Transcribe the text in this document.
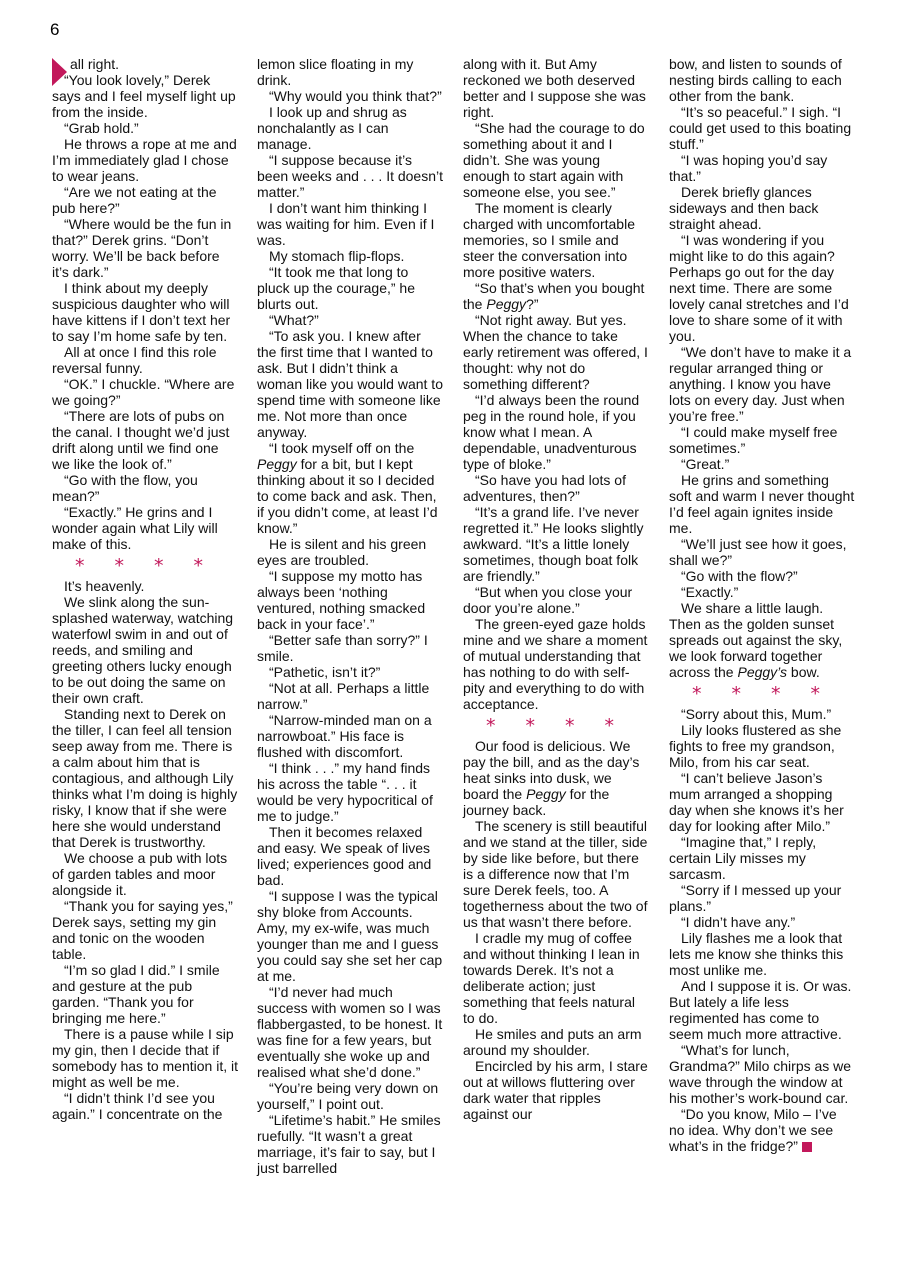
6

all right.

“You look lovely,” Derek says and I feel myself light up from the inside.

“Grab hold.”

He throws a rope at me and I’m immediately glad I chose to wear jeans.

“Are we not eating at the pub here?”

“Where would be the fun in that?” Derek grins. “Don’t worry. We’ll be back before it’s dark.”

I think about my deeply suspicious daughter who will have kittens if I don’t text her to say I’m home safe by ten.

All at once I find this role reversal funny.

“OK.” I chuckle. “Where are we going?”

“There are lots of pubs on the canal. I thought we’d just drift along until we find one we like the look of.”

“Go with the flow, you mean?”

“Exactly.” He grins and I wonder again what Lily will make of this.

* * * *

It’s heavenly.

We slink along the sun-splashed waterway, watching waterfowl swim in and out of reeds, and smiling and greeting others lucky enough to be out doing the same on their own craft.

Standing next to Derek on the tiller, I can feel all tension seep away from me. There is a calm about him that is contagious, and although Lily thinks what I’m doing is highly risky, I know that if she were here she would understand that Derek is trustworthy.

We choose a pub with lots of garden tables and moor alongside it.

“Thank you for saying yes,” Derek says, setting my gin and tonic on the wooden table.

“I’m so glad I did.” I smile and gesture at the pub garden. “Thank you for bringing me here.”

There is a pause while I sip my gin, then I decide that if somebody has to mention it, it might as well be me.

“I didn’t think I’d see you again.” I concentrate on the

lemon slice floating in my drink.

“Why would you think that?”

I look up and shrug as nonchalantly as I can manage.

“I suppose because it’s been weeks and . . . It doesn’t matter.”

I don’t want him thinking I was waiting for him. Even if I was.

My stomach flip-flops.

“It took me that long to pluck up the courage,” he blurts out.

“What?”

“To ask you. I knew after the first time that I wanted to ask. But I didn’t think a woman like you would want to spend time with someone like me. Not more than once anyway.

“I took myself off on the Peggy for a bit, but I kept thinking about it so I decided to come back and ask. Then, if you didn’t come, at least I’d know.”

He is silent and his green eyes are troubled.

“I suppose my motto has always been ‘nothing ventured, nothing smacked back in your face’.”

“Better safe than sorry?” I smile.

“Pathetic, isn’t it?”

“Not at all. Perhaps a little narrow.”

“Narrow-minded man on a narrowboat.” His face is flushed with discomfort.

“I think . . .” my hand finds his across the table “. . . it would be very hypocritical of me to judge.”

Then it becomes relaxed and easy. We speak of lives lived; experiences good and bad.

“I suppose I was the typical shy bloke from Accounts. Amy, my ex-wife, was much younger than me and I guess you could say she set her cap at me.

“I’d never had much success with women so I was flabbergasted, to be honest. It was fine for a few years, but eventually she woke up and realised what she’d done.”

“You’re being very down on yourself,” I point out.

“Lifetime’s habit.” He smiles ruefully. “It wasn’t a great marriage, it’s fair to say, but I just barrelled

along with it. But Amy reckoned we both deserved better and I suppose she was right.

“She had the courage to do something about it and I didn’t. She was young enough to start again with someone else, you see.”

The moment is clearly charged with uncomfortable memories, so I smile and steer the conversation into more positive waters.

“So that’s when you bought the Peggy?”

“Not right away. But yes. When the chance to take early retirement was offered, I thought: why not do something different?

“I’d always been the round peg in the round hole, if you know what I mean. A dependable, unadventurous type of bloke.”

“So have you had lots of adventures, then?”

“It’s a grand life. I’ve never regretted it.” He looks slightly awkward. “It’s a little lonely sometimes, though boat folk are friendly.”

“But when you close your door you’re alone.”

The green-eyed gaze holds mine and we share a moment of mutual understanding that has nothing to do with self-pity and everything to do with acceptance.

* * * *

Our food is delicious. We pay the bill, and as the day’s heat sinks into dusk, we board the Peggy for the journey back.

The scenery is still beautiful and we stand at the tiller, side by side like before, but there is a difference now that I’m sure Derek feels, too. A togetherness about the two of us that wasn’t there before.

I cradle my mug of coffee and without thinking I lean in towards Derek. It’s not a deliberate action; just something that feels natural to do.

He smiles and puts an arm around my shoulder.

Encircled by his arm, I stare out at willows fluttering over dark water that ripples against our

bow, and listen to sounds of nesting birds calling to each other from the bank.

“It’s so peaceful.” I sigh. “I could get used to this boating stuff.”

“I was hoping you’d say that.”

Derek briefly glances sideways and then back straight ahead.

“I was wondering if you might like to do this again? Perhaps go out for the day next time. There are some lovely canal stretches and I’d love to share some of it with you.

“We don’t have to make it a regular arranged thing or anything. I know you have lots on every day. Just when you’re free.”

“I could make myself free sometimes.”

“Great.”

He grins and something soft and warm I never thought I’d feel again ignites inside me.

“We’ll just see how it goes, shall we?”

“Go with the flow?”

“Exactly.”

We share a little laugh. Then as the golden sunset spreads out against the sky, we look forward together across the Peggy’s bow.

* * * *

“Sorry about this, Mum.”

Lily looks flustered as she fights to free my grandson, Milo, from his car seat.

“I can’t believe Jason’s mum arranged a shopping day when she knows it’s her day for looking after Milo.”

“Imagine that,” I reply, certain Lily misses my sarcasm.

“Sorry if I messed up your plans.”

“I didn’t have any.”

Lily flashes me a look that lets me know she thinks this most unlike me.

And I suppose it is. Or was. But lately a life less regimented has come to seem much more attractive.

“What’s for lunch, Grandma?” Milo chirps as we wave through the window at his mother’s work-bound car.

“Do you know, Milo – I’ve no idea. Why don’t we see what’s in the fridge?”
